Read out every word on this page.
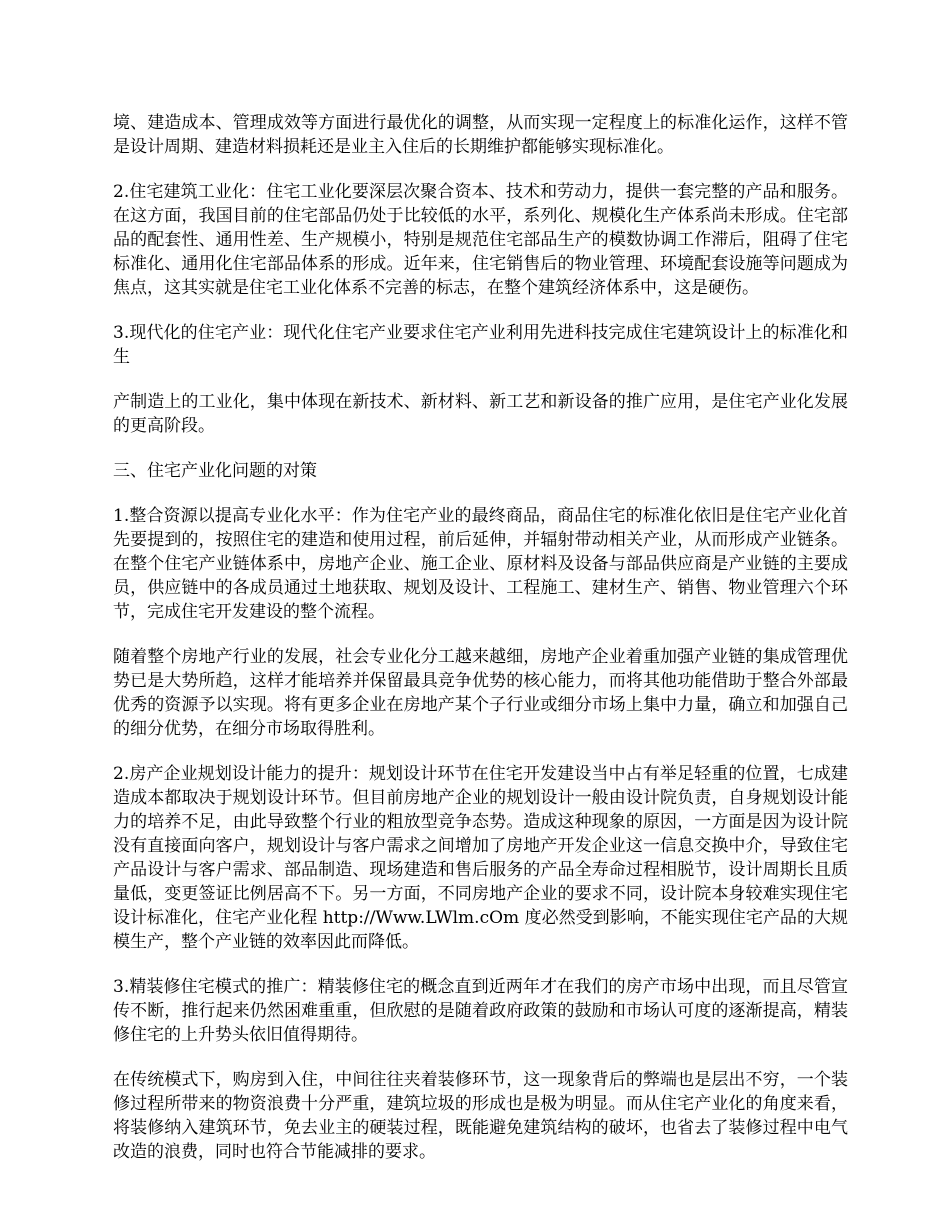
境、建造成本、管理成效等方面进行最优化的调整，从而实现一定程度上的标准化运作，这样不管是设计周期、建造材料损耗还是业主入住后的长期维护都能够实现标准化。

2.住宅建筑工业化：住宅工业化要深层次聚合资本、技术和劳动力，提供一套完整的产品和服务。在这方面，我国目前的住宅部品仍处于比较低的水平，系列化、规模化生产体系尚未形成。住宅部品的配套性、通用性差、生产规模小，特别是规范住宅部品生产的模数协调工作滞后，阻碍了住宅标准化、通用化住宅部品体系的形成。近年来，住宅销售后的物业管理、环境配套设施等问题成为焦点，这其实就是住宅工业化体系不完善的标志，在整个建筑经济体系中，这是硬伤。

3.现代化的住宅产业：现代化住宅产业要求住宅产业利用先进科技完成住宅建筑设计上的标准化和生

产制造上的工业化，集中体现在新技术、新材料、新工艺和新设备的推广应用，是住宅产业化发展的更高阶段。

三、住宅产业化问题的对策

1.整合资源以提高专业化水平：作为住宅产业的最终商品，商品住宅的标准化依旧是住宅产业化首先要提到的，按照住宅的建造和使用过程，前后延伸，并辐射带动相关产业，从而形成产业链条。在整个住宅产业链体系中，房地产企业、施工企业、原材料及设备与部品供应商是产业链的主要成员，供应链中的各成员通过土地获取、规划及设计、工程施工、建材生产、销售、物业管理六个环节，完成住宅开发建设的整个流程。

随着整个房地产行业的发展，社会专业化分工越来越细，房地产企业着重加强产业链的集成管理优势已是大势所趋，这样才能培养并保留最具竞争优势的核心能力，而将其他功能借助于整合外部最优秀的资源予以实现。将有更多企业在房地产某个子行业或细分市场上集中力量，确立和加强自己的细分优势，在细分市场取得胜利。

2.房产企业规划设计能力的提升：规划设计环节在住宅开发建设当中占有举足轻重的位置，七成建造成本都取决于规划设计环节。但目前房地产企业的规划设计一般由设计院负责，自身规划设计能力的培养不足，由此导致整个行业的粗放型竞争态势。造成这种现象的原因，一方面是因为设计院没有直接面向客户，规划设计与客户需求之间增加了房地产开发企业这一信息交换中介，导致住宅产品设计与客户需求、部品制造、现场建造和售后服务的产品全寿命过程相脱节，设计周期长且质量低，变更签证比例居高不下。另一方面，不同房地产企业的要求不同，设计院本身较难实现住宅设计标准化，住宅产业化程 http://Www.LWlm.cOm 度必然受到影响，不能实现住宅产品的大规模生产，整个产业链的效率因此而降低。

3.精装修住宅模式的推广：精装修住宅的概念直到近两年才在我们的房产市场中出现，而且尽管宣传不断，推行起来仍然困难重重，但欣慰的是随着政府政策的鼓励和市场认可度的逐渐提高，精装修住宅的上升势头依旧值得期待。

在传统模式下，购房到入住，中间往往夹着装修环节，这一现象背后的弊端也是层出不穷，一个装修过程所带来的物资浪费十分严重，建筑垃圾的形成也是极为明显。而从住宅产业化的角度来看，将装修纳入建筑环节，免去业主的硬装过程，既能避免建筑结构的破坏，也省去了装修过程中电气改造的浪费，同时也符合节能减排的要求。
